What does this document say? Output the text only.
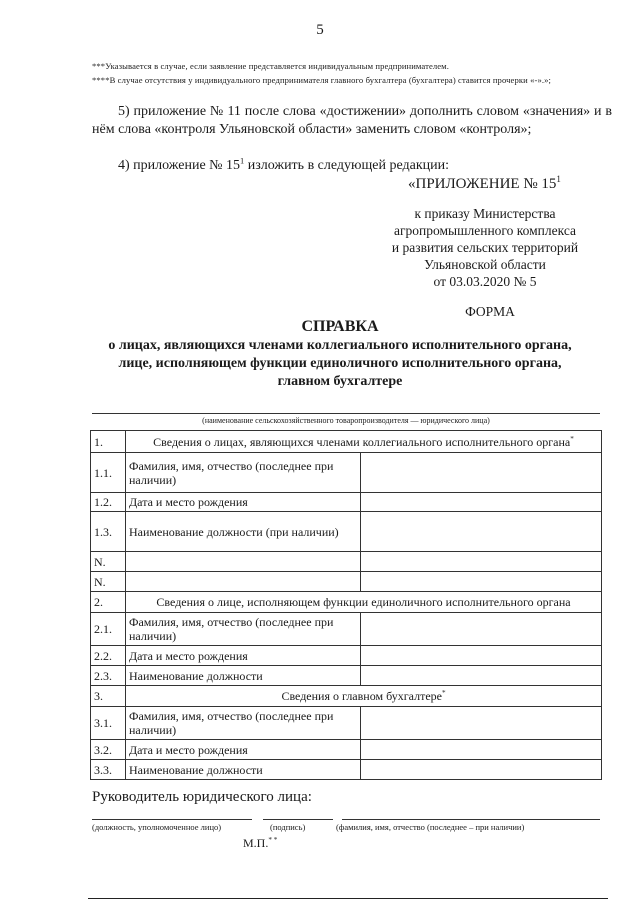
5
***Указывается в случае, если заявление представляется индивидуальным предпринимателем.
****В случае отсутствия у индивидуального предпринимателя главного бухгалтера (бухгалтера) ставится прочерки «-».»;
5) приложение № 11 после слова «достижении» дополнить словом «значения» и в нём слова «контроля Ульяновской области» заменить словом «контроля»;
4) приложение № $15^1$ изложить в следующей редакции:
«ПРИЛОЖЕНИЕ № $15^1$
к приказу Министерства
агропромышленного комплекса
и развития сельских территорий
Ульяновской области
от 03.03.2020 № 5
ФОРМА
СПРАВКА
о лицах, являющихся членами коллегиального исполнительного органа,
лице, исполняющем функции единоличного исполнительного органа,
главном бухгалтере
(наименование сельскохозяйственного товаропроизводителя — юридического лица)
1.	Сведения о лицах, являющихся членами коллегиального исполнительного органа*
1.1.	Фамилия, имя, отчество (последнее при наличии)	
1.2.	Дата и место рождения	
1.3.	Наименование должности (при наличии)	
N.		
N.		
2.	Сведения о лице, исполняющем функции единоличного исполнительного органа	
2.1.	Фамилия, имя, отчество (последнее при наличии)	
2.2.	Дата и место рождения	
2.3.	Наименование должности	
3.	Сведения о главном бухгалтере*
3.1.	Фамилия, имя, отчество (последнее при наличии)	
3.2.	Дата и место рождения	
3.3.	Наименование должности	
Руководитель юридического лица:
(должность, уполномоченное лицо)	(подпись)	(фамилия, имя, отчество (последнее – при наличии)
М.П.* *
